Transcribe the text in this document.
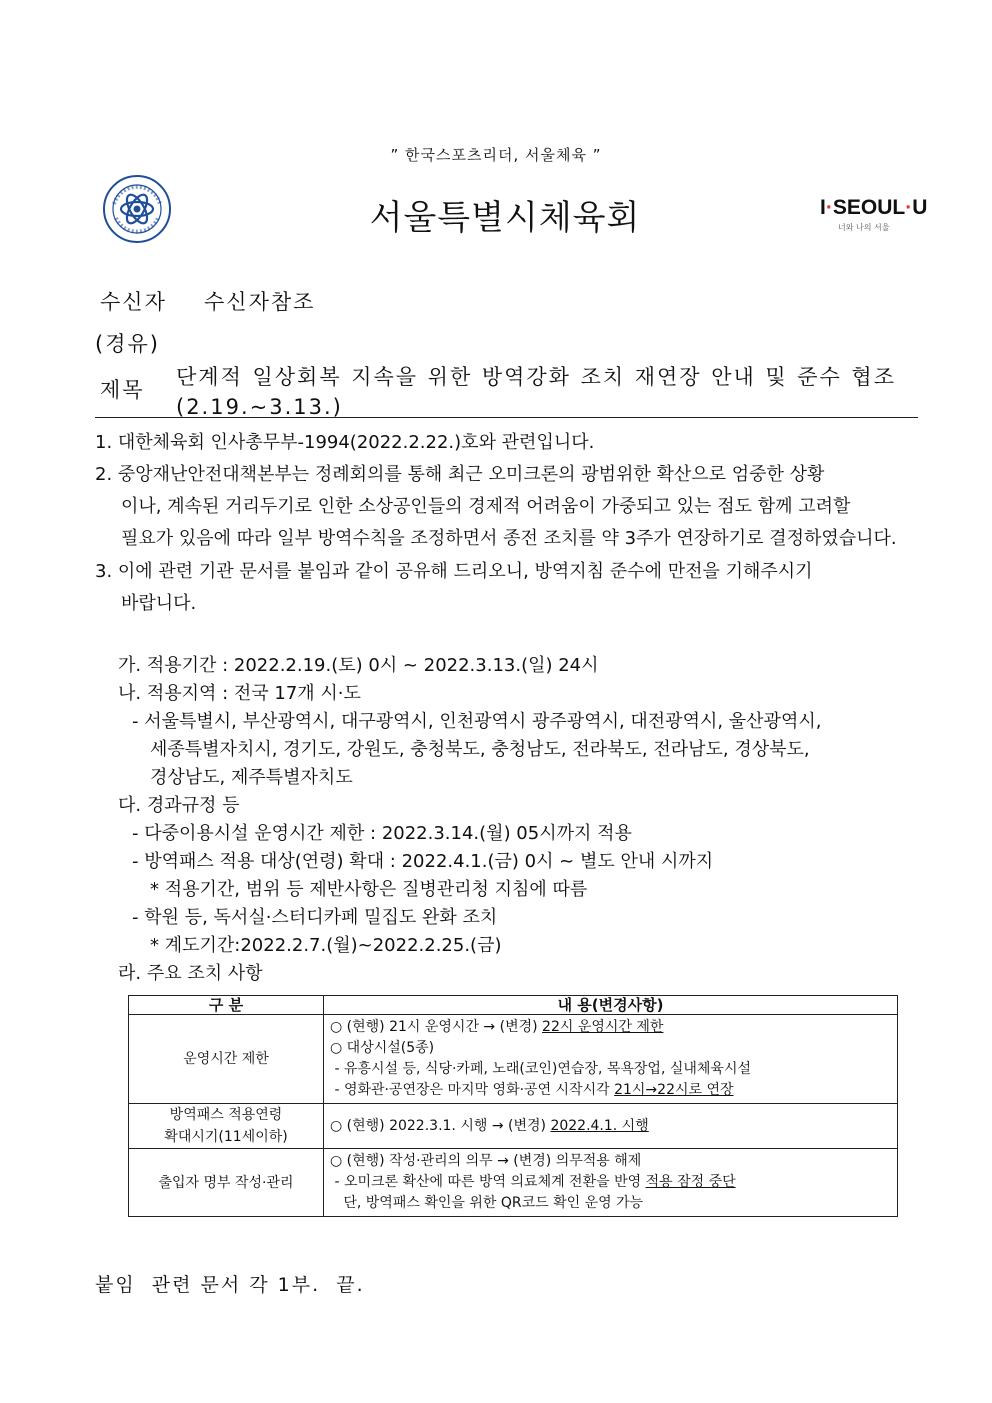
” 한국스포츠리더, 서울체육 ”
서울특별시체육회	I·SEOUL·U
너와 나의 서울
수신자 수신자참조
(경유)
제목
단계적 일상회복 지속을 위한 방역강화 조치 재연장 안내 및 준수 협조(2.19.~3.13.)
1. 대한체육회 인사총무부-1994(2022.2.22.)호와 관련입니다.
2. 중앙재난안전대책본부는 정례회의를 통해 최근 오미크론의 광범위한 확산으로 엄중한 상황
이나, 계속된 거리두기로 인한 소상공인들의 경제적 어려움이 가중되고 있는 점도 함께 고려할
필요가 있음에 따라 일부 방역수칙을 조정하면서 종전 조치를 약 3주가 연장하기로 결정하였습니다.
3. 이에 관련 기관 문서를 붙임과 같이 공유해 드리오니, 방역지침 준수에 만전을 기해주시기
바랍니다.
가. 적용기간 : 2022.2.19.(토) 0시 ~ 2022.3.13.(일) 24시
나. 적용지역 : 전국 17개 시·도
- 서울특별시, 부산광역시, 대구광역시, 인천광역시 광주광역시, 대전광역시, 울산광역시,
세종특별자치시, 경기도, 강원도, 충청북도, 충청남도, 전라북도, 전라남도, 경상북도,
경상남도, 제주특별자치도
다. 경과규정 등
- 다중이용시설 운영시간 제한 : 2022.3.14.(월) 05시까지 적용
- 방역패스 적용 대상(연령) 확대 : 2022.4.1.(금) 0시 ~ 별도 안내 시까지
* 적용기간, 범위 등 제반사항은 질병관리청 지침에 따름
- 학원 등, 독서실·스터디카페 밀집도 완화 조치
* 계도기간:2022.2.7.(월)~2022.2.25.(금)
라. 주요 조치 사항
구 분	내 용(변경사항)
운영시간 제한	○ (현행) 21시 운영시간 → (변경) 22시 운영시간 제한
○ 대상시설(5종)
- 유흥시설 등, 식당·카페, 노래(코인)연습장, 목욕장업, 실내체육시설
- 영화관·공연장은 마지막 영화·공연 시작시각 21시→22시로 연장

방역패스 적용연령
확대시기(11세이하)	○ (현행) 2022.3.1. 시행 → (변경) 2022.4.1. 시행

출입자 명부 작성·관리	○ (현행) 작성·관리의 의무 → (변경) 의무적용 해제
- 오미크론 확산에 따른 방역 의료체계 전환을 반영 적용 잠정 중단
단, 방역패스 확인을 위한 QR코드 확인 운영 가능
붙임  관련 문서 각 1부.  끝.
